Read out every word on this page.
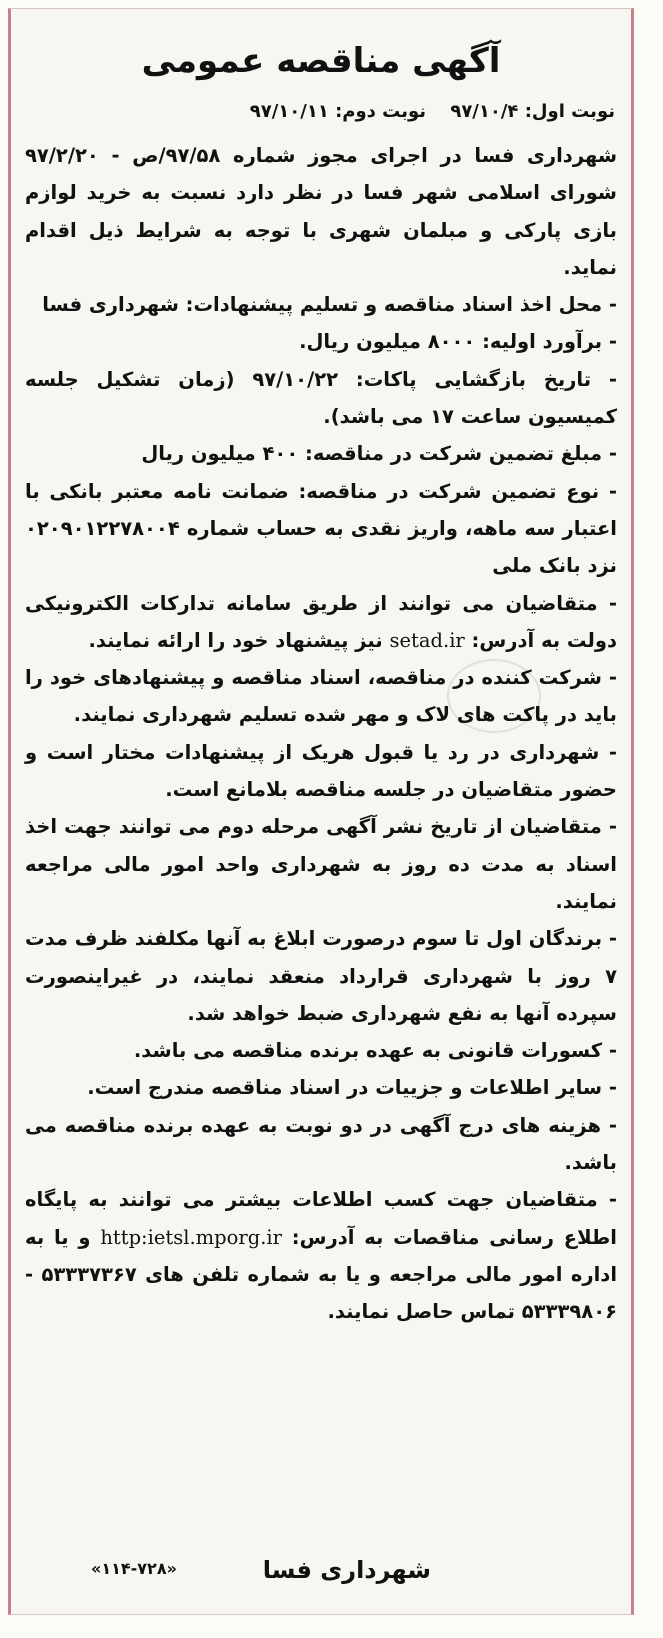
آگهی مناقصه عمومی
نوبت اول: ۹۷/۱۰/۴ نوبت دوم: ۹۷/۱۰/۱۱

شهرداری فسا در اجرای مجوز شماره ۹۷/۵۸/ص - ۹۷/۲/۲۰ شورای اسلامی شهر فسا در نظر دارد نسبت به خرید لوازم بازی پارکی و مبلمان شهری با توجه به شرایط ذیل اقدام نماید.

- محل اخذ اسناد مناقصه و تسلیم پیشنهادات: شهرداری فسا

- برآورد اولیه: ۸۰۰۰ میلیون ریال.

- تاریخ بازگشایی پاکات: ۹۷/۱۰/۲۲ (زمان تشکیل جلسه کمیسیون ساعت ۱۷ می باشد).

- مبلغ تضمین شرکت در مناقصه: ۴۰۰ میلیون ریال

- نوع تضمین شرکت در مناقصه: ضمانت نامه معتبر بانکی با اعتبار سه ماهه، واریز نقدی به حساب شماره ۰۲۰۹۰۱۲۲۷۸۰۰۴ نزد بانک ملی

- متقاضیان می توانند از طریق سامانه تدارکات الکترونیکی دولت به آدرس: setad.ir نیز پیشنهاد خود را ارائه نمایند.

- شرکت کننده در مناقصه، اسناد مناقصه و پیشنهادهای خود را باید در پاکت های لاک و مهر شده تسلیم شهرداری نمایند.

- شهرداری در رد یا قبول هریک از پیشنهادات مختار است و حضور متقاضیان در جلسه مناقصه بلامانع است.

- متقاضیان از تاریخ نشر آگهی مرحله دوم می توانند جهت اخذ اسناد به مدت ده روز به شهرداری واحد امور مالی مراجعه نمایند.

- برندگان اول تا سوم درصورت ابلاغ به آنها مکلفند ظرف مدت ۷ روز با شهرداری قرارداد منعقد نمایند، در غیراینصورت سپرده آنها به نفع شهرداری ضبط خواهد شد.

- کسورات قانونی به عهده برنده مناقصه می باشد.

- سایر اطلاعات و جزییات در اسناد مناقصه مندرج است.

- هزینه های درج آگهی در دو نوبت به عهده برنده مناقصه می باشد.

- متقاضیان جهت کسب اطلاعات بیشتر می توانند به پایگاه اطلاع رسانی مناقصات به آدرس: http:ietsl.mporg.ir و یا به اداره امور مالی مراجعه و یا به شماره تلفن های ۵۳۳۳۷۳۶۷ - ۵۳۳۳۹۸۰۶ تماس حاصل نمایند.

شهرداری فسا
«۱۱۴-۷۲۸»
